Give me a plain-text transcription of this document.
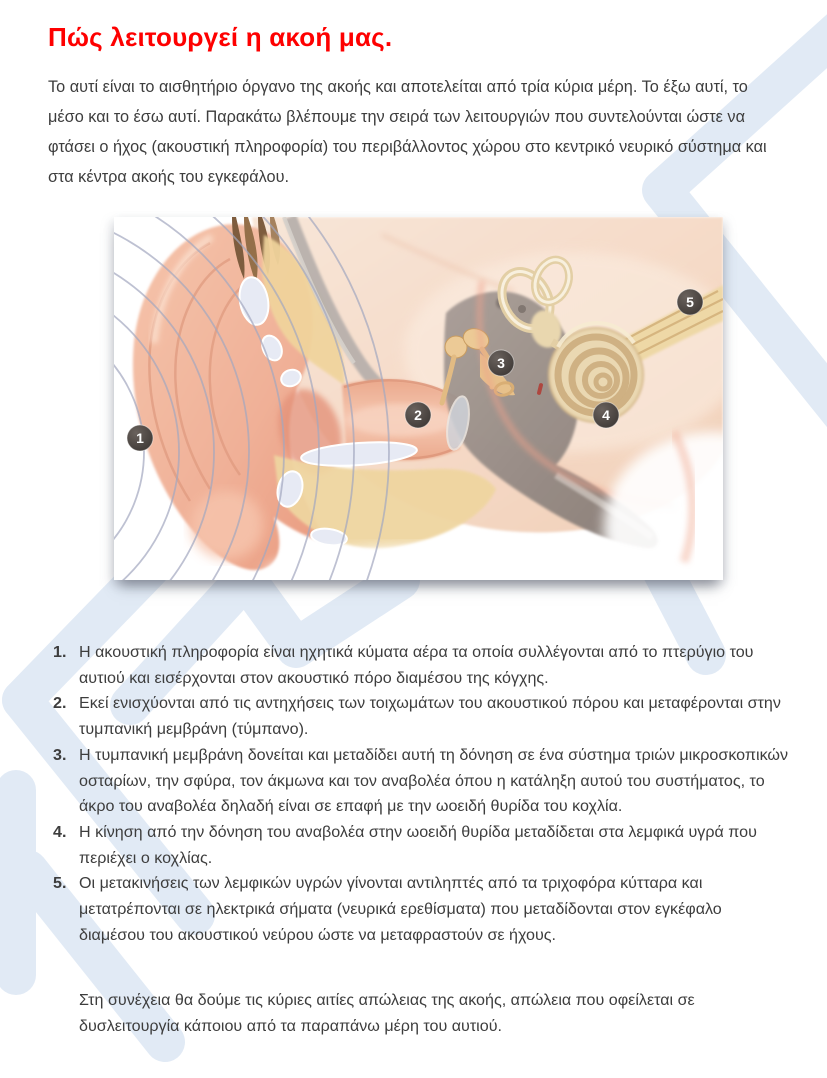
Πώς λειτουργεί η ακοή μας.

Το αυτί είναι το αισθητήριο όργανο της ακοής και αποτελείται από τρία κύρια μέρη. Το έξω αυτί, το μέσο και το έσω αυτί. Παρακάτω βλέπουμε την σειρά των λειτουργιών που συντελούνται ώστε να φτάσει ο ήχος (ακουστική πληροφορία) του περιβάλλοντος χώρου στο κεντρικό νευρικό σύστημα και στα κέντρα ακοής του εγκεφάλου.

1
2
3
4
5
1. Η ακουστική πληροφορία είναι ηχητικά κύματα αέρα τα οποία συλλέγονται από το πτερύγιο του αυτιού και εισέρχονται στον ακουστικό πόρο διαμέσου της κόγχης.
2. Εκεί ενισχύονται από τις αντηχήσεις των τοιχωμάτων του ακουστικού πόρου και μεταφέρονται στην τυμπανική μεμβράνη (τύμπανο).
3. Η τυμπανική μεμβράνη δονείται και μεταδίδει αυτή τη δόνηση σε ένα σύστημα τριών μικροσκοπικών οσταρίων, την σφύρα, τον άκμωνα και τον αναβολέα όπου η κατάληξη αυτού του συστήματος, το άκρο του αναβολέα δηλαδή είναι σε επαφή με την ωοειδή θυρίδα του κοχλία.
4. Η κίνηση από την δόνηση του αναβολέα στην ωοειδή θυρίδα μεταδίδεται στα λεμφικά υγρά που περιέχει ο κοχλίας.
5. Οι μετακινήσεις των λεμφικών υγρών γίνονται αντιληπτές από τα τριχοφόρα κύτταρα και μετατρέπονται σε ηλεκτρικά σήματα (νευρικά ερεθίσματα) που μεταδίδονται στον εγκέφαλο διαμέσου του ακουστικού νεύρου ώστε να μεταφραστούν σε ήχους.

Στη συνέχεια θα δούμε τις κύριες αιτίες απώλειας της ακοής, απώλεια που οφείλεται σε δυσλειτουργία κάποιου από τα παραπάνω μέρη του αυτιού.
